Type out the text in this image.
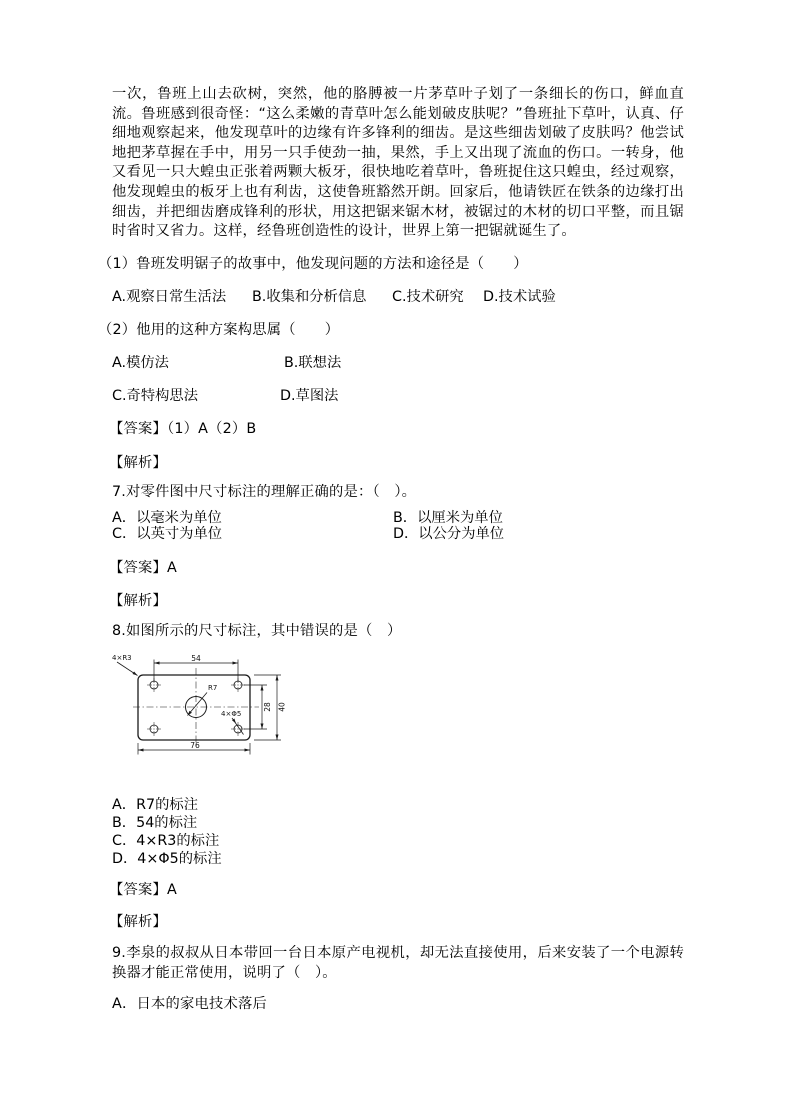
一次，鲁班上山去砍树，突然，他的胳膊被一片茅草叶子划了一条细长的伤口，鲜血直流。鲁班感到很奇怪：“这么柔嫩的青草叶怎么能划破皮肤呢？”鲁班扯下草叶，认真、仔细地观察起来，他发现草叶的边缘有许多锋利的细齿。是这些细齿划破了皮肤吗？他尝试地把茅草握在手中，用另一只手使劲一抽，果然，手上又出现了流血的伤口。一转身，他又看见一只大蝗虫正张着两颗大板牙，很快地吃着草叶，鲁班捉住这只蝗虫，经过观察，他发现蝗虫的板牙上也有利齿，这使鲁班豁然开朗。回家后，他请铁匠在铁条的边缘打出细齿，并把细齿磨成锋利的形状，用这把锯来锯木材，被锯过的木材的切口平整，而且锯时省时又省力。这样，经鲁班创造性的设计，世界上第一把锯就诞生了。
（1）鲁班发明锯子的故事中，他发现问题的方法和途径是（　　）
A.观察日常生活法 B.收集和分析信息 C.技术研究 D.技术试验
（2）他用的这种方案构思属（　　）
A.模仿法	B.联想法
C.奇特构思法	D.草图法
【答案】（1）A（2）B
【解析】
7.对零件图中尺寸标注的理解正确的是：（　）。
A．以毫米为单位	B．以厘米为单位
C．以英寸为单位	D．以公分为单位
【答案】A
【解析】
8.如图所示的尺寸标注，其中错误的是（　）
4×R3	54
R7
4×Φ5
28 40
76
A．R7的标注
B．54的标注
C．4×R3的标注
D．4×Φ5的标注
【答案】A
【解析】
9.李泉的叔叔从日本带回一台日本原产电视机，却无法直接使用，后来安装了一个电源转换器才能正常使用，说明了（　）。
A．日本的家电技术落后
